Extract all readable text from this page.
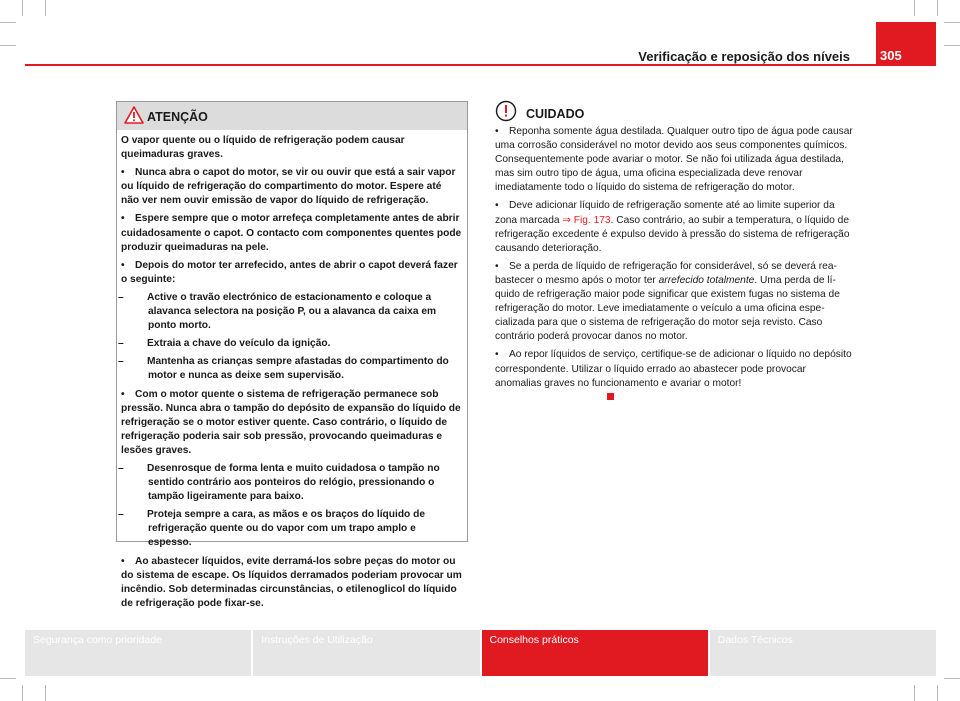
Verificação e reposição dos níveis 305
ATENÇÃO

O vapor quente ou o líquido de refrigeração podem causar queimaduras graves.

• Nunca abra o capot do motor, se vir ou ouvir que está a sair vapor ou líquido de refrigeração do compartimento do motor. Espere até não ver nem ouvir emissão de vapor do líquido de refrigeração.

• Espere sempre que o motor arrefeça completamente antes de abrir cuidadosamente o capot. O contacto com componentes quentes pode produzir queimaduras na pele.

• Depois do motor ter arrefecido, antes de abrir o capot deverá fazer o seguinte:

– Active o travão electrónico de estacionamento e coloque a alavanca selectora na posição P, ou a alavanca da caixa em ponto morto.

– Extraia a chave do veículo da ignição.

– Mantenha as crianças sempre afastadas do compartimento do motor e nunca as deixe sem supervisão.

• Com o motor quente o sistema de refrigeração permanece sob pressão. Nunca abra o tampão do depósito de expansão do líquido de refrigeração se o motor estiver quente. Caso contrário, o líquido de refrigeração poderia sair sob pressão, provocando queimaduras e lesões graves.

– Desenrosque de forma lenta e muito cuidadosa o tampão no sentido contrário aos ponteiros do relógio, pressionando o tampão ligeiramente para baixo.

– Proteja sempre a cara, as mãos e os braços do líquido de refrigeração quente ou do vapor com um trapo amplo e espesso.

• Ao abastecer líquidos, evite derramá-los sobre peças do motor ou do sistema de escape. Os líquidos derramados poderiam provocar um incêndio. Sob determinadas circunstâncias, o etilenoglicol do líquido de refrigeração pode fixar-se.

CUIDADO

• Reponha somente água destilada. Qualquer outro tipo de água pode causar uma corrosão considerável no motor devido aos seus componentes químicos. Consequentemente pode avariar o motor. Se não foi utilizada água destilada, mas sim outro tipo de água, uma oficina especializada deve renovar imediatamente todo o líquido do sistema de refrigeração do motor.

• Deve adicionar líquido de refrigeração somente até ao limite superior da zona marcada ⇒ Fig. 173. Caso contrário, ao subir a temperatura, o líquido de refrigeração excedente é expulso devido à pressão do sistema de refrigeração causando deterioração.

• Se a perda de líquido de refrigeração for considerável, só se deverá reabastecer o mesmo após o motor ter arrefecido totalmente. Uma perda de líquido de refrigeração maior pode significar que existem fugas no sistema de refrigeração do motor. Leve imediatamente o veículo a uma oficina especializada para que o sistema de refrigeração do motor seja revisto. Caso contrário poderá provocar danos no motor.

• Ao repor líquidos de serviço, certifique-se de adicionar o líquido no depósito correspondente. Utilizar o líquido errado ao abastecer pode provocar anomalias graves no funcionamento e avariar o motor!

Segurança como prioridade	Instruções de Utilização	Conselhos práticos	Dados Técnicos
